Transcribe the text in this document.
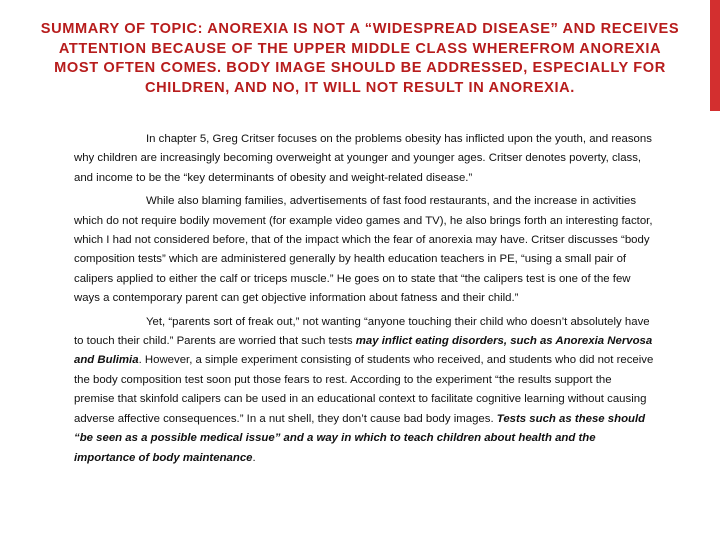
SUMMARY OF TOPIC: ANOREXIA IS NOT A “WIDESPREAD DISEASE” AND RECEIVES ATTENTION BECAUSE OF THE UPPER MIDDLE CLASS WHEREFROM ANOREXIA MOST OFTEN COMES. BODY IMAGE SHOULD BE ADDRESSED, ESPECIALLY FOR CHILDREN, AND NO, IT WILL NOT RESULT IN ANOREXIA.

In chapter 5, Greg Critser focuses on the problems obesity has inflicted upon the youth, and reasons why children are increasingly becoming overweight at younger and younger ages. Critser denotes poverty, class, and income to be the “key determinants of obesity and weight-related disease.”

While also blaming families, advertisements of fast food restaurants, and the increase in activities which do not require bodily movement (for example video games and TV), he also brings forth an interesting factor, which I had not considered before, that of the impact which the fear of anorexia may have. Critser discusses “body composition tests” which are administered generally by health education teachers in PE, “using a small pair of calipers applied to either the calf or triceps muscle.” He goes on to state that “the calipers test is one of the few ways a contemporary parent can get objective information about fatness and their child.”

Yet, “parents sort of freak out,” not wanting “anyone touching their child who doesn’t absolutely have to touch their child.” Parents are worried that such tests may inflict eating disorders, such as Anorexia Nervosa and Bulimia. However, a simple experiment consisting of students who received, and students who did not receive the body composition test soon put those fears to rest. According to the experiment “the results support the premise that skinfold calipers can be used in an educational context to facilitate cognitive learning without causing adverse affective consequences.” In a nut shell, they don’t cause bad body images. Tests such as these should “be seen as a possible medical issue” and a way in which to teach children about health and the importance of body maintenance.
